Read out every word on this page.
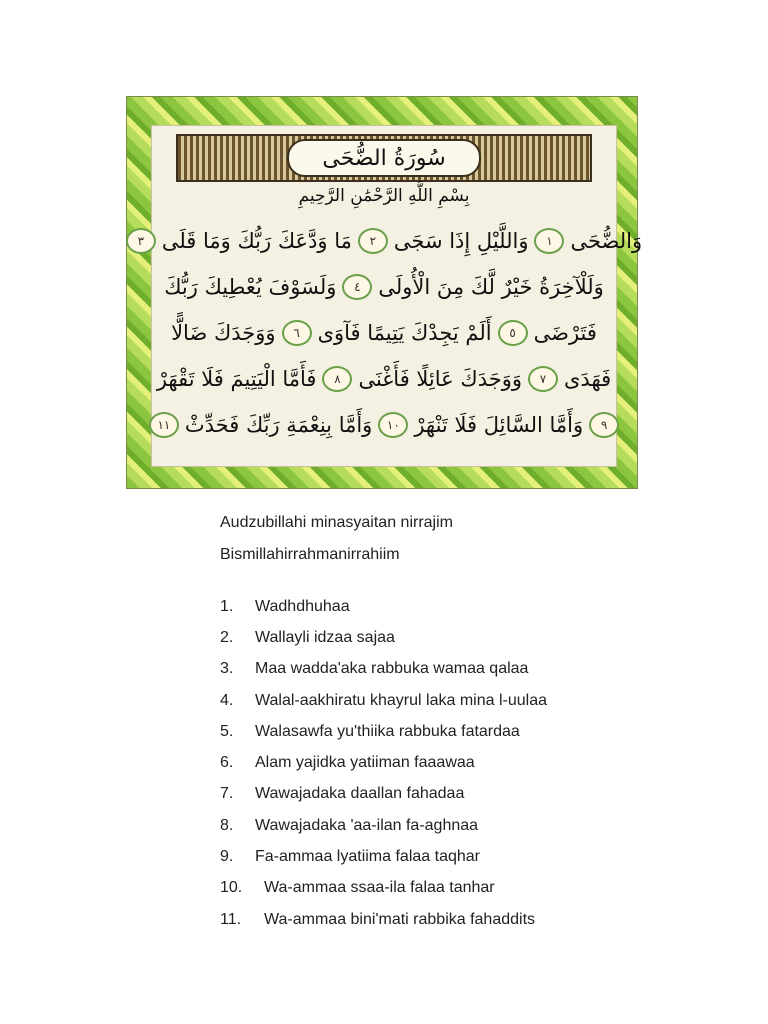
سُورَةُ الضُّحَى
بِسْمِ اللَّهِ الرَّحْمَٰنِ الرَّحِيمِ
وَالضُّحَى
١
وَاللَّيْلِ إِذَا سَجَى
٢
مَا وَدَّعَكَ رَبُّكَ وَمَا قَلَى
٣
وَلَلْآخِرَةُ خَيْرٌ لَّكَ مِنَ الْأُولَى
٤
وَلَسَوْفَ يُعْطِيكَ رَبُّكَ
فَتَرْضَى
٥
أَلَمْ يَجِدْكَ يَتِيمًا فَآوَى
٦
وَوَجَدَكَ ضَالًّا
فَهَدَى
٧
وَوَجَدَكَ عَائِلًا فَأَغْنَى
٨
فَأَمَّا الْيَتِيمَ فَلَا تَقْهَرْ
٩
وَأَمَّا السَّائِلَ فَلَا تَنْهَرْ
١٠
وَأَمَّا بِنِعْمَةِ رَبِّكَ فَحَدِّثْ
١١
Audzubillahi minasyaitan nirrajim
Bismillahirrahmanirrahiim
1.	Wadhdhuhaa
2.	Wallayli idzaa sajaa
3.	Maa wadda'aka rabbuka wamaa qalaa
4.	Walal-aakhiratu khayrul laka mina l-uulaa
5.	Walasawfa yu'thiika rabbuka fatardaa
6.	Alam yajidka yatiiman faaawaa
7.	Wawajadaka daallan fahadaa
8.	Wawajadaka 'aa-ilan fa-aghnaa
9.	Fa-ammaa lyatiima falaa taqhar
10.	Wa-ammaa ssaa-ila falaa tanhar
11.	Wa-ammaa bini'mati rabbika fahaddits
